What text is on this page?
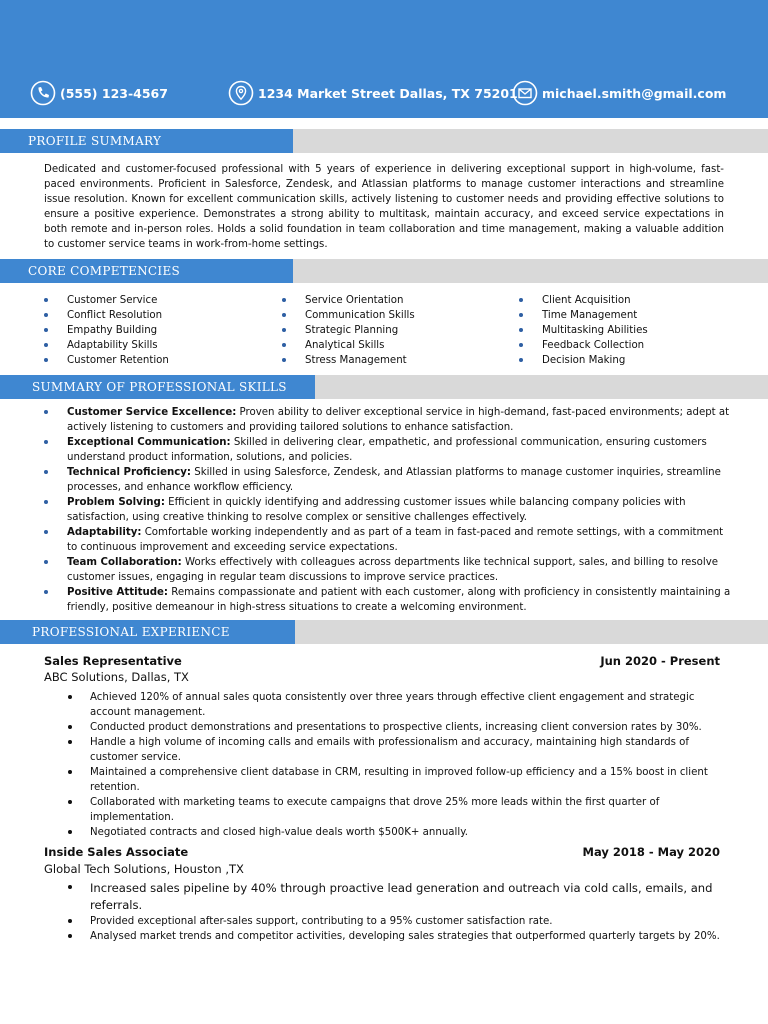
(555) 123-4567	1234 Market Street Dallas, TX 75201 michael.smith@gmail.com
PROFILE SUMMARY
Dedicated and customer-focused professional with 5 years of experience in delivering exceptional support in high-volume, fast-paced environments. Proficient in Salesforce, Zendesk, and Atlassian platforms to manage customer interactions and streamline issue resolution. Known for excellent communication skills, actively listening to customer needs and providing effective solutions to ensure a positive experience. Demonstrates a strong ability to multitask, maintain accuracy, and exceed service expectations in both remote and in-person roles. Holds a solid foundation in team collaboration and time management, making a valuable addition to customer service teams in work-from-home settings.
CORE COMPETENCIES
Customer Service
Conflict Resolution
Empathy Building
Adaptability Skills
Customer Retention
Service Orientation
Communication Skills
Strategic Planning
Analytical Skills
Stress Management
Client Acquisition
Time Management
Multitasking Abilities
Feedback Collection
Decision Making
SUMMARY OF PROFESSIONAL SKILLS
Customer Service Excellence: Proven ability to deliver exceptional service in high-demand, fast-paced environments; adept at actively listening to customers and providing tailored solutions to enhance satisfaction.
Exceptional Communication: Skilled in delivering clear, empathetic, and professional communication, ensuring customers understand product information, solutions, and policies.
Technical Proficiency: Skilled in using Salesforce, Zendesk, and Atlassian platforms to manage customer inquiries, streamline processes, and enhance workflow efficiency.
Problem Solving: Efficient in quickly identifying and addressing customer issues while balancing company policies with satisfaction, using creative thinking to resolve complex or sensitive challenges effectively.
Adaptability: Comfortable working independently and as part of a team in fast-paced and remote settings, with a commitment to continuous improvement and exceeding service expectations.
Team Collaboration: Works effectively with colleagues across departments like technical support, sales, and billing to resolve customer issues, engaging in regular team discussions to improve service practices.
Positive Attitude: Remains compassionate and patient with each customer, along with proficiency in consistently maintaining a friendly, positive demeanour in high-stress situations to create a welcoming environment.
PROFESSIONAL EXPERIENCE
Sales Representative	Jun 2020 - Present
ABC Solutions, Dallas, TX
Achieved 120% of annual sales quota consistently over three years through effective client engagement and strategic account management.
Conducted product demonstrations and presentations to prospective clients, increasing client conversion rates by 30%.
Handle a high volume of incoming calls and emails with professionalism and accuracy, maintaining high standards of customer service.
Maintained a comprehensive client database in CRM, resulting in improved follow-up efficiency and a 15% boost in client retention.
Collaborated with marketing teams to execute campaigns that drove 25% more leads within the first quarter of implementation.
Negotiated contracts and closed high-value deals worth $500K+ annually.
Inside Sales Associate	May 2018 - May 2020
Global Tech Solutions, Houston ,TX
Increased sales pipeline by 40% through proactive lead generation and outreach via cold calls, emails, and referrals.
Provided exceptional after-sales support, contributing to a 95% customer satisfaction rate.
Analysed market trends and competitor activities, developing sales strategies that outperformed quarterly targets by 20%.
